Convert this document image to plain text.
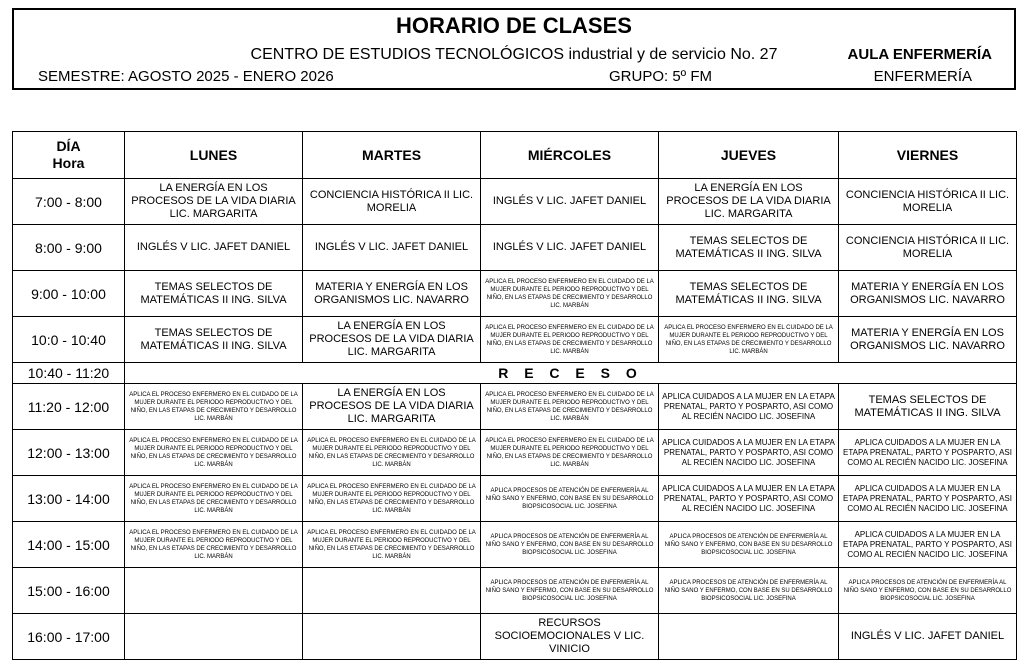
HORARIO DE CLASES
CENTRO DE ESTUDIOS TECNOLÓGICOS industrial y de servicio No. 27	AULA ENFERMERÍA
SEMESTRE: AGOSTO 2025 - ENERO 2026	GRUPO: 5º FM	ENFERMERÍA
DÍA
Hora	LUNES	MARTES	MIÉRCOLES	JUEVES	VIERNES
7:00 - 8:00	LA ENERGÍA EN LOS PROCESOS DE LA VIDA DIARIA LIC. MARGARITA	CONCIENCIA HISTÓRICA II LIC. MORELIA	INGLÉS V LIC. JAFET DANIEL	LA ENERGÍA EN LOS PROCESOS DE LA VIDA DIARIA LIC. MARGARITA	CONCIENCIA HISTÓRICA II LIC. MORELIA
8:00 - 9:00	INGLÉS V LIC. JAFET DANIEL	INGLÉS V LIC. JAFET DANIEL	INGLÉS V LIC. JAFET DANIEL	TEMAS SELECTOS DE MATEMÁTICAS II ING. SILVA	CONCIENCIA HISTÓRICA II LIC. MORELIA
9:00 - 10:00	TEMAS SELECTOS DE MATEMÁTICAS II ING. SILVA	MATERIA Y ENERGÍA EN LOS ORGANISMOS LIC. NAVARRO	APLICA EL PROCESO ENFERMERO EN EL CUIDADO DE LA MUJER DURANTE EL PERIODO REPRODUCTIVO Y DEL NIÑO, EN LAS ETAPAS DE CRECIMIENTO Y DESARROLLO LIC. MARBÁN	TEMAS SELECTOS DE MATEMÁTICAS II ING. SILVA	MATERIA Y ENERGÍA EN LOS ORGANISMOS LIC. NAVARRO
10:0 - 10:40	TEMAS SELECTOS DE MATEMÁTICAS II ING. SILVA	LA ENERGÍA EN LOS PROCESOS DE LA VIDA DIARIA LIC. MARGARITA	APLICA EL PROCESO ENFERMERO EN EL CUIDADO DE LA MUJER DURANTE EL PERIODO REPRODUCTIVO Y DEL NIÑO, EN LAS ETAPAS DE CRECIMIENTO Y DESARROLLO LIC. MARBÁN	APLICA EL PROCESO ENFERMERO EN EL CUIDADO DE LA MUJER DURANTE EL PERIODO REPRODUCTIVO Y DEL NIÑO, EN LAS ETAPAS DE CRECIMIENTO Y DESARROLLO LIC. MARBÁN	MATERIA Y ENERGÍA EN LOS ORGANISMOS LIC. NAVARRO
10:40 - 11:20	R E C E S O				
11:20 - 12:00	APLICA EL PROCESO ENFERMERO EN EL CUIDADO DE LA MUJER DURANTE EL PERIODO REPRODUCTIVO Y DEL NIÑO, EN LAS ETAPAS DE CRECIMIENTO Y DESARROLLO LIC. MARBÁN	LA ENERGÍA EN LOS PROCESOS DE LA VIDA DIARIA LIC. MARGARITA	APLICA EL PROCESO ENFERMERO EN EL CUIDADO DE LA MUJER DURANTE EL PERIODO REPRODUCTIVO Y DEL NIÑO, EN LAS ETAPAS DE CRECIMIENTO Y DESARROLLO LIC. MARBÁN	APLICA CUIDADOS A LA MUJER EN LA ETAPA PRENATAL, PARTO Y POSPARTO, ASI COMO AL RECIÉN NACIDO LIC. JOSEFINA	TEMAS SELECTOS DE MATEMÁTICAS II ING. SILVA
12:00 - 13:00	APLICA EL PROCESO ENFERMERO EN EL CUIDADO DE LA MUJER DURANTE EL PERIODO REPRODUCTIVO Y DEL NIÑO, EN LAS ETAPAS DE CRECIMIENTO Y DESARROLLO LIC. MARBÁN	APLICA EL PROCESO ENFERMERO EN EL CUIDADO DE LA MUJER DURANTE EL PERIODO REPRODUCTIVO Y DEL NIÑO, EN LAS ETAPAS DE CRECIMIENTO Y DESARROLLO LIC. MARBÁN	APLICA EL PROCESO ENFERMERO EN EL CUIDADO DE LA MUJER DURANTE EL PERIODO REPRODUCTIVO Y DEL NIÑO, EN LAS ETAPAS DE CRECIMIENTO Y DESARROLLO LIC. MARBÁN	APLICA CUIDADOS A LA MUJER EN LA ETAPA PRENATAL, PARTO Y POSPARTO, ASI COMO AL RECIÉN NACIDO LIC. JOSEFINA	APLICA CUIDADOS A LA MUJER EN LA ETAPA PRENATAL, PARTO Y POSPARTO, ASI COMO AL RECIÉN NACIDO LIC. JOSEFINA
13:00 - 14:00	APLICA EL PROCESO ENFERMERO EN EL CUIDADO DE LA MUJER DURANTE EL PERIODO REPRODUCTIVO Y DEL NIÑO, EN LAS ETAPAS DE CRECIMIENTO Y DESARROLLO LIC. MARBÁN	APLICA EL PROCESO ENFERMERO EN EL CUIDADO DE LA MUJER DURANTE EL PERIODO REPRODUCTIVO Y DEL NIÑO, EN LAS ETAPAS DE CRECIMIENTO Y DESARROLLO LIC. MARBÁN	APLICA PROCESOS DE ATENCIÓN DE ENFERMERÍA AL NIÑO SANO Y ENFERMO, CON BASE EN SU DESARROLLO BIOPSICOSOCIAL LIC. JOSEFINA	APLICA CUIDADOS A LA MUJER EN LA ETAPA PRENATAL, PARTO Y POSPARTO, ASI COMO AL RECIÉN NACIDO LIC. JOSEFINA	APLICA CUIDADOS A LA MUJER EN LA ETAPA PRENATAL, PARTO Y POSPARTO, ASI COMO AL RECIÉN NACIDO LIC. JOSEFINA
14:00 - 15:00	APLICA EL PROCESO ENFERMERO EN EL CUIDADO DE LA MUJER DURANTE EL PERIODO REPRODUCTIVO Y DEL NIÑO, EN LAS ETAPAS DE CRECIMIENTO Y DESARROLLO LIC. MARBÁN	APLICA EL PROCESO ENFERMERO EN EL CUIDADO DE LA MUJER DURANTE EL PERIODO REPRODUCTIVO Y DEL NIÑO, EN LAS ETAPAS DE CRECIMIENTO Y DESARROLLO LIC. MARBÁN	APLICA PROCESOS DE ATENCIÓN DE ENFERMERÍA AL NIÑO SANO Y ENFERMO, CON BASE EN SU DESARROLLO BIOPSICOSOCIAL LIC. JOSEFINA	APLICA PROCESOS DE ATENCIÓN DE ENFERMERÍA AL NIÑO SANO Y ENFERMO, CON BASE EN SU DESARROLLO BIOPSICOSOCIAL LIC. JOSEFINA	APLICA CUIDADOS A LA MUJER EN LA ETAPA PRENATAL, PARTO Y POSPARTO, ASI COMO AL RECIÉN NACIDO LIC. JOSEFINA
15:00 - 16:00			APLICA PROCESOS DE ATENCIÓN DE ENFERMERÍA AL NIÑO SANO Y ENFERMO, CON BASE EN SU DESARROLLO BIOPSICOSOCIAL LIC. JOSEFINA	APLICA PROCESOS DE ATENCIÓN DE ENFERMERÍA AL NIÑO SANO Y ENFERMO, CON BASE EN SU DESARROLLO BIOPSICOSOCIAL LIC. JOSEFINA	APLICA PROCESOS DE ATENCIÓN DE ENFERMERÍA AL NIÑO SANO Y ENFERMO, CON BASE EN SU DESARROLLO BIOPSICOSOCIAL LIC. JOSEFINA
16:00 - 17:00			RECURSOS SOCIOEMOCIONALES V LIC. VINICIO		INGLÉS V LIC. JAFET DANIEL
